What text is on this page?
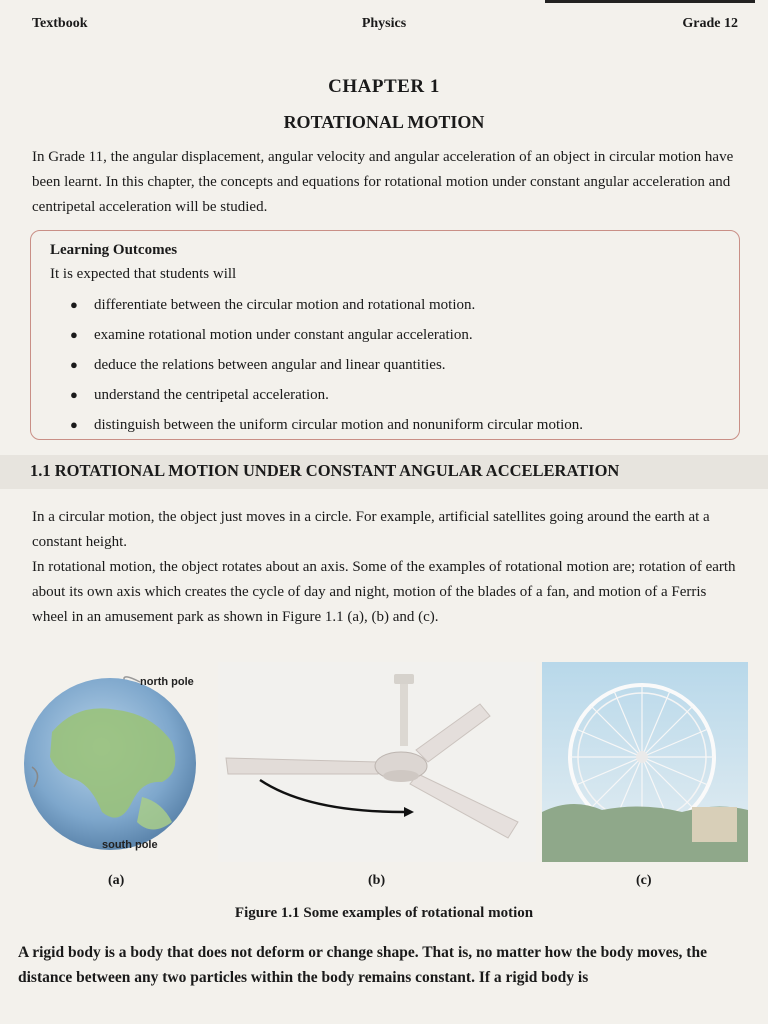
Textbook	Physics	Grade 12
CHAPTER 1
ROTATIONAL MOTION
In Grade 11, the angular displacement, angular velocity and angular acceleration of an object in circular motion have been learnt. In this chapter, the concepts and equations for rotational motion under constant angular acceleration and centripetal acceleration will be studied.
Learning Outcomes
It is expected that students will
● differentiate between the circular motion and rotational motion.
● examine rotational motion under constant angular acceleration.
● deduce the relations between angular and linear quantities.
● understand the centripetal acceleration.
● distinguish between the uniform circular motion and nonuniform circular motion.
1.1 ROTATIONAL MOTION UNDER CONSTANT ANGULAR ACCELERATION
In a circular motion, the object just moves in a circle. For example, artificial satellites going around the earth at a constant height.
In rotational motion, the object rotates about an axis. Some of the examples of rotational motion are; rotation of earth about its own axis which creates the cycle of day and night, motion of the blades of a fan, and motion of a Ferris wheel in an amusement park as shown in Figure 1.1 (a), (b) and (c).
north pole
south pole
(a)	(b)	(c)
Figure 1.1 Some examples of rotational motion
A rigid body is a body that does not deform or change shape. That is, no matter how the body moves, the distance between any two particles within the body remains constant. If a rigid body is
